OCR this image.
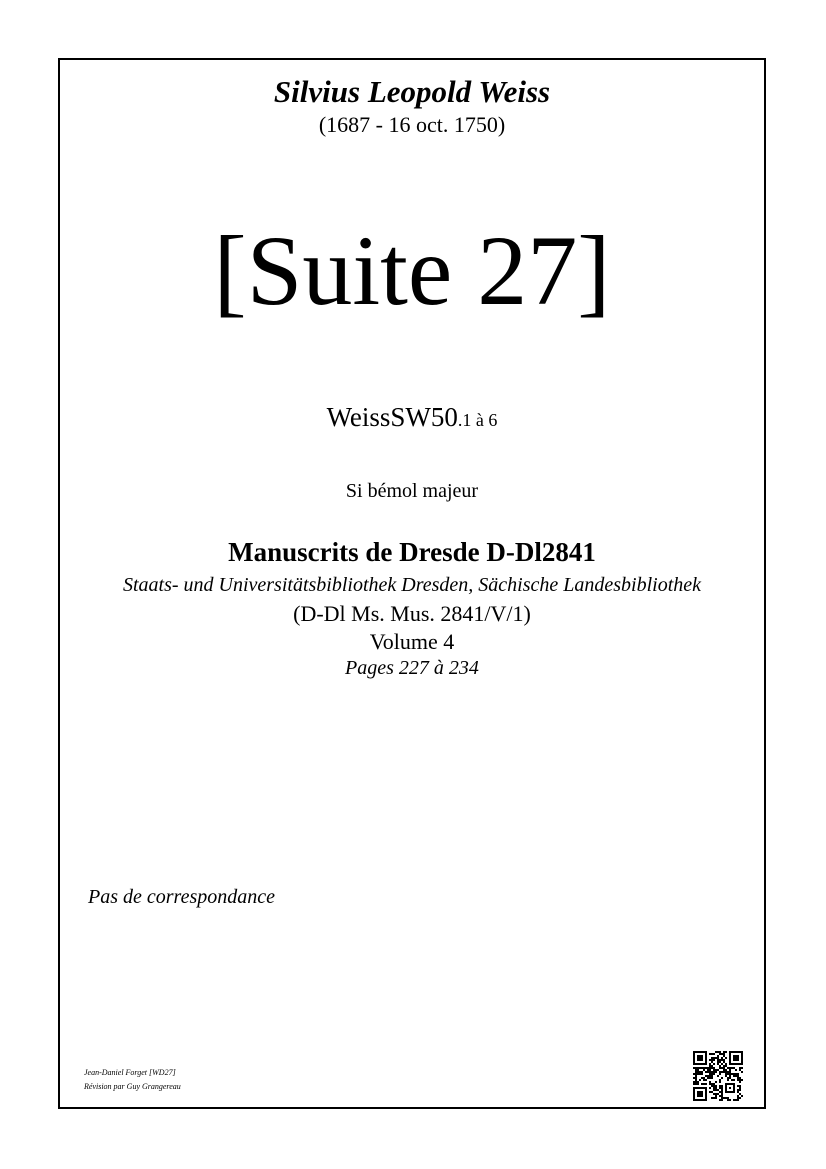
Silvius Leopold Weiss
(1687 - 16 oct. 1750)
[Suite 27]
WeissSW50.1 à 6
Si bémol majeur
Manuscrits de Dresde D-Dl2841
Staats- und Universitätsbibliothek Dresden, Sächische Landesbibliothek
(D-Dl Ms. Mus. 2841/V/1)
Volume 4
Pages 227 à 234
Pas de correspondance
Jean-Daniel Forget [WD27]
Révision par Guy Grangereau
